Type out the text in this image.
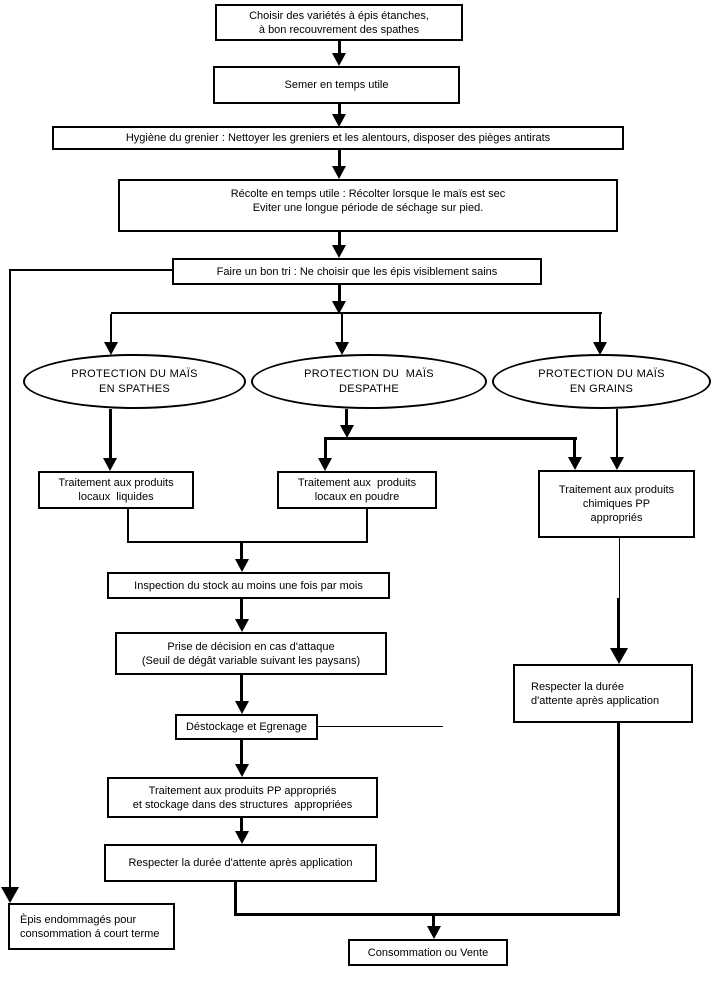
Choisir des variétés à épis étanches,
à bon recouvrement des spathes
Semer en temps utile
Hygiène du grenier : Nettoyer les greniers et les alentours, disposer des pièges antirats
Récolte en temps utile : Récolter lorsque le maïs est sec
Eviter une longue période de séchage sur pied.
Faire un bon tri : Ne choisir que les épis visiblement sains
PROTECTION DU MAÏS
EN SPATHES
PROTECTION DU  MAÏS
DESPATHE
PROTECTION DU MAÏS
EN GRAINS
Traitement aux produits
locaux  liquides
Traitement aux  produits
locaux en poudre
Traitement aux produits
chimiques PP
appropriés
Inspection du stock au moins une fois par mois
Prise de décision en cas d'attaque
(Seuil de dégât variable suivant les paysans)
Déstockage et Egrenage
Traitement aux produits PP appropriés
et stockage dans des structures  appropriées
Respecter la durée d'attente après application
Respecter la durée
d'attente après application
Èpis endommagés pour
consommation á court terme
Consommation ou Vente
